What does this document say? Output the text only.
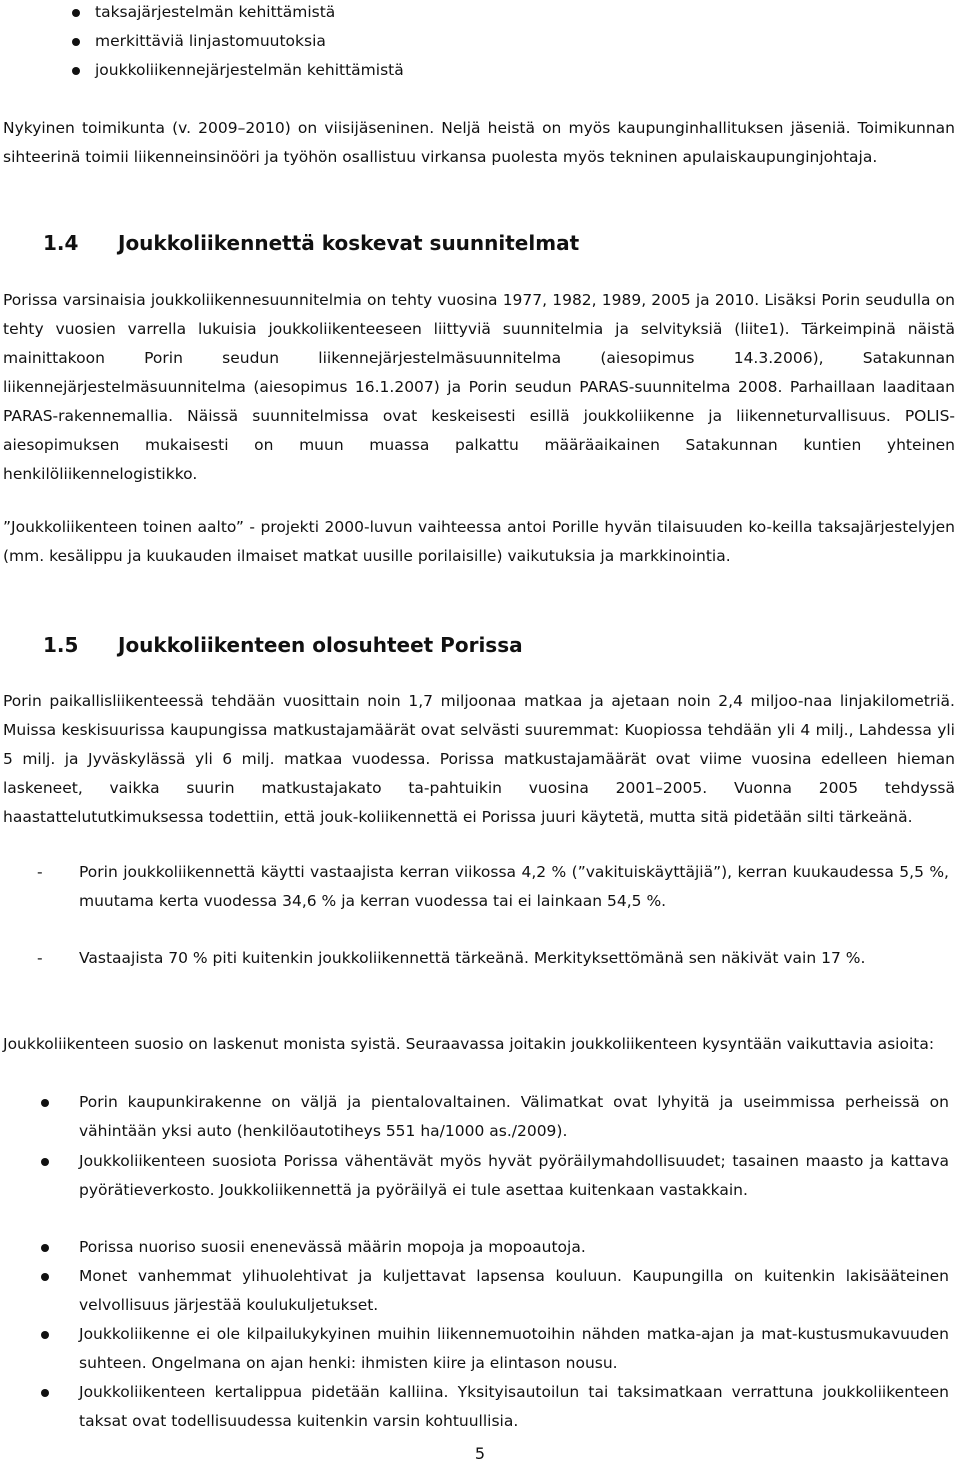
taksajärjestelmän kehittämistä
merkittäviä linjastomuutoksia
joukkoliikennejärjestelmän kehittämistä
Nykyinen toimikunta (v. 2009–2010) on viisijäseninen. Neljä heistä on myös kaupunginhallituksen jäseniä. Toimikunnan sihteerinä toimii liikenneinsinööri ja työhön osallistuu virkansa puolesta myös tekninen apulaiskaupunginjohtaja.
1.4 Joukkoliikennettä koskevat suunnitelmat
Porissa varsinaisia joukkoliikennesuunnitelmia on tehty vuosina 1977, 1982, 1989, 2005 ja 2010. Lisäksi Porin seudulla on tehty vuosien varrella lukuisia joukkoliikenteeseen liittyviä suunnitelmia ja selvityksiä (liite1). Tärkeimpinä näistä mainittakoon Porin seudun liikennejärjestelmäsuunnitelma (aiesopimus 14.3.2006), Satakunnan liikennejärjestelmäsuunnitelma (aiesopimus 16.1.2007) ja Porin seudun PARAS-suunnitelma 2008. Parhaillaan laaditaan PARAS-rakennemallia. Näissä suunnitelmissa ovat keskeisesti esillä joukkoliikenne ja liikenneturvallisuus. POLIS-aiesopimuksen mukaisesti on muun muassa palkattu määräaikainen Satakunnan kuntien yhteinen henkilöliikennelogistikko.
”Joukkoliikenteen toinen aalto” - projekti 2000-luvun vaihteessa antoi Porille hyvän tilaisuuden ko-keilla taksajärjestelyjen (mm. kesälippu ja kuukauden ilmaiset matkat uusille porilaisille) vaikutuksia ja markkinointia.
1.5 Joukkoliikenteen olosuhteet Porissa
Porin paikallisliikenteessä tehdään vuosittain noin 1,7 miljoonaa matkaa ja ajetaan noin 2,4 miljoo-naa linjakilometriä. Muissa keskisuurissa kaupungissa matkustajamäärät ovat selvästi suuremmat: Kuopiossa tehdään yli 4 milj., Lahdessa yli 5 milj. ja Jyväskylässä yli 6 milj. matkaa vuodessa. Porissa matkustajamäärät ovat viime vuosina edelleen hieman laskeneet, vaikka suurin matkustajakato ta-pahtuikin vuosina 2001–2005. Vuonna 2005 tehdyssä haastattelututkimuksessa todettiin, että jouk-koliikennettä ei Porissa juuri käytetä, mutta sitä pidetään silti tärkeänä.
- Porin joukkoliikennettä käytti vastaajista kerran viikossa 4,2 % (”vakituiskäyttäjiä”), kerran kuukaudessa 5,5 %, muutama kerta vuodessa 34,6 % ja kerran vuodessa tai ei lainkaan 54,5 %.
- Vastaajista 70 % piti kuitenkin joukkoliikennettä tärkeänä. Merkityksettömänä sen näkivät vain 17 %.
Joukkoliikenteen suosio on laskenut monista syistä. Seuraavassa joitakin joukkoliikenteen kysyntään vaikuttavia asioita:
Porin kaupunkirakenne on väljä ja pientalovaltainen. Välimatkat ovat lyhyitä ja useimmissa perheissä on vähintään yksi auto (henkilöautotiheys 551 ha/1000 as./2009).
Joukkoliikenteen suosiota Porissa vähentävät myös hyvät pyöräilymahdollisuudet; tasainen maasto ja kattava pyörätieverkosto. Joukkoliikennettä ja pyöräilyä ei tule asettaa kuitenkaan vastakkain.
Porissa nuoriso suosii enenevässä määrin mopoja ja mopoautoja.
Monet vanhemmat ylihuolehtivat ja kuljettavat lapsensa kouluun. Kaupungilla on kuitenkin lakisääteinen velvollisuus järjestää koulukuljetukset.
Joukkoliikenne ei ole kilpailukykyinen muihin liikennemuotoihin nähden matka-ajan ja mat-kustusmukavuuden suhteen. Ongelmana on ajan henki: ihmisten kiire ja elintason nousu.
Joukkoliikenteen kertalippua pidetään kalliina. Yksityisautoilun tai taksimatkaan verrattuna joukkoliikenteen taksat ovat todellisuudessa kuitenkin varsin kohtuullisia.
5
